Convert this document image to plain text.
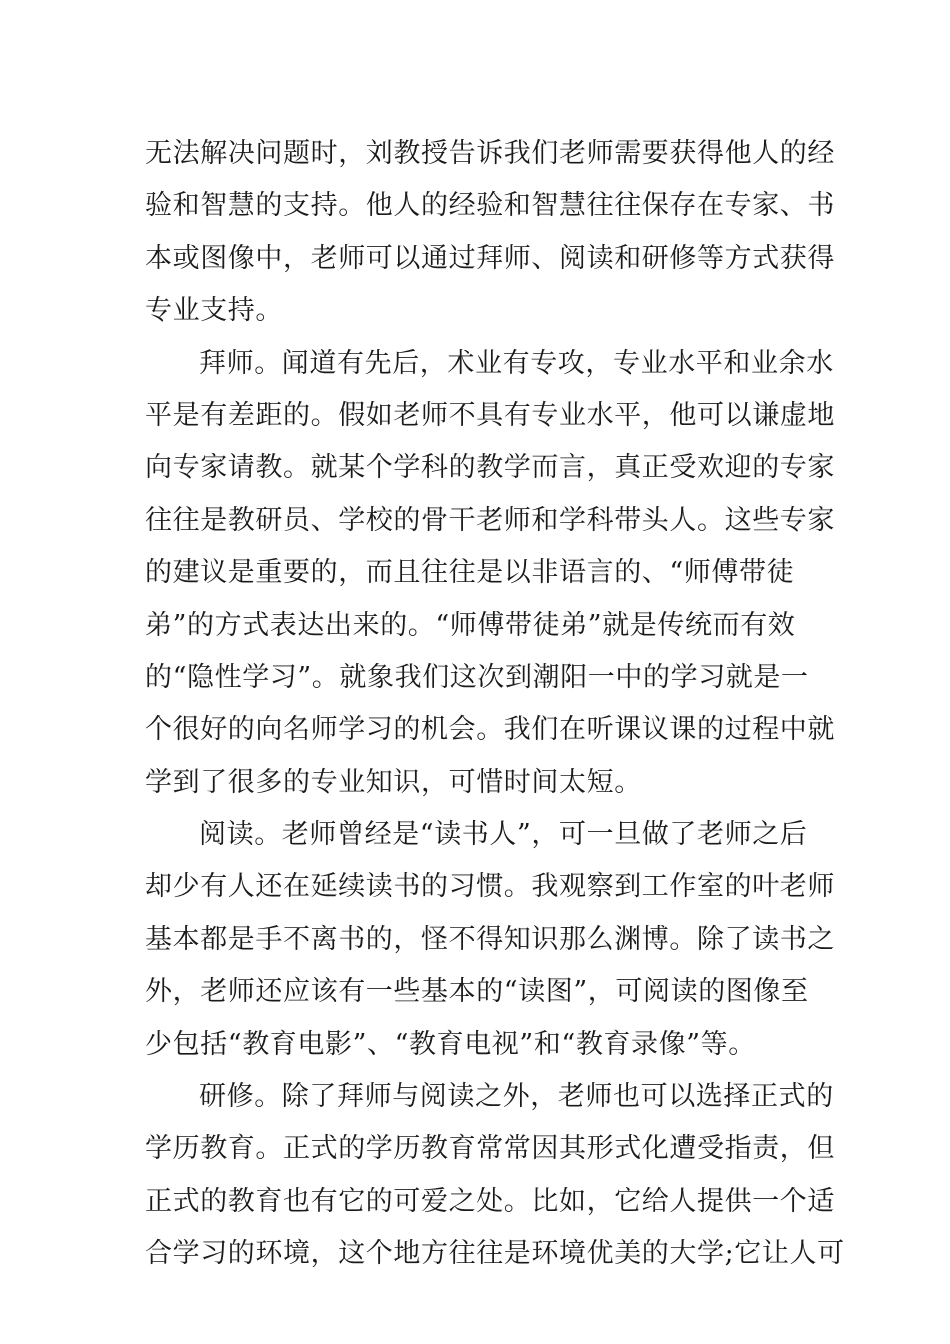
无法解决问题时，刘教授告诉我们老师需要获得他人的经
验和智慧的支持。他人的经验和智慧往往保存在专家、书
本或图像中，老师可以通过拜师、阅读和研修等方式获得
专业支持。
拜师。闻道有先后，术业有专攻，专业水平和业余水
平是有差距的。假如老师不具有专业水平，他可以谦虚地
向专家请教。就某个学科的教学而言，真正受欢迎的专家
往往是教研员、学校的骨干老师和学科带头人。这些专家
的建议是重要的，而且往往是以非语言的、“师傅带徒
弟”的方式表达出来的。“师傅带徒弟”就是传统而有效
的“隐性学习”。就象我们这次到潮阳一中的学习就是一
个很好的向名师学习的机会。我们在听课议课的过程中就
学到了很多的专业知识，可惜时间太短。
阅读。老师曾经是“读书人”，可一旦做了老师之后
却少有人还在延续读书的习惯。我观察到工作室的叶老师
基本都是手不离书的，怪不得知识那么渊博。除了读书之
外，老师还应该有一些基本的“读图”，可阅读的图像至
少包括“教育电影”、“教育电视”和“教育录像”等。
研修。除了拜师与阅读之外，老师也可以选择正式的
学历教育。正式的学历教育常常因其形式化遭受指责，但
正式的教育也有它的可爱之处。比如，它给人提供一个适
合学习的环境，这个地方往往是环境优美的大学;它让人可
